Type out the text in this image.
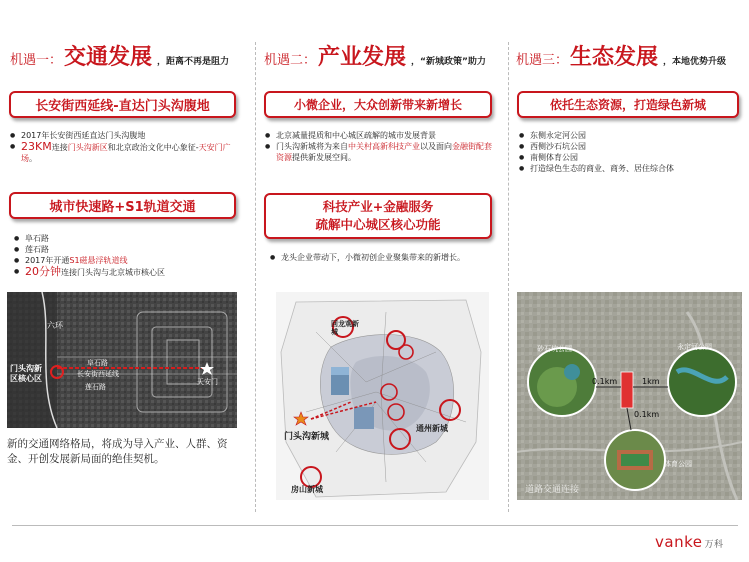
机遇一： 交通发展 ，距离不再是阻力
长安街西延线-直达门头沟腹地
● 2017年长安街西延直达门头沟腹地
● 23KM连接门头沟新区和北京政治文化中心象征-天安门广场。
城市快速路+S1轨道交通
● 阜石路
● 莲石路
● 2017年开通S1磁悬浮轨道线
● 20分钟连接门头沟与北京城市核心区
六环
门头沟新区核心区
阜石路
长安街西延线
莲石路
天安门
新的交通网络格局，将成为导入产业、人群、资金、开创发展新局面的绝佳契机。
机遇二： 产业发展 ，“新城政策”助力
小微企业，大众创新带来新增长
● 北京减量提质和中心城区疏解的城市发展背景
● 门头沟新城将为来自中关村高新科技产业以及面向金融街配套资源提供新发展空间。
科技产业+金融服务
疏解中心城区核心功能
● 龙头企业带动下，小微初创企业聚集带来的新增长。
回龙观新城
门头沟新城
通州新城
房山新城
机遇三： 生态发展 ，本地优势升级
依托生态资源，打造绿色新城
● 东侧永定河公园
● 西侧沙石坑公园
● 南侧体育公园
● 打造绿色生态的商业、商务、居住综合体
砂石坑公园	永定河公园
体育公园
0.1km	1km
0.1km
道路交通连接
vanke 万科
